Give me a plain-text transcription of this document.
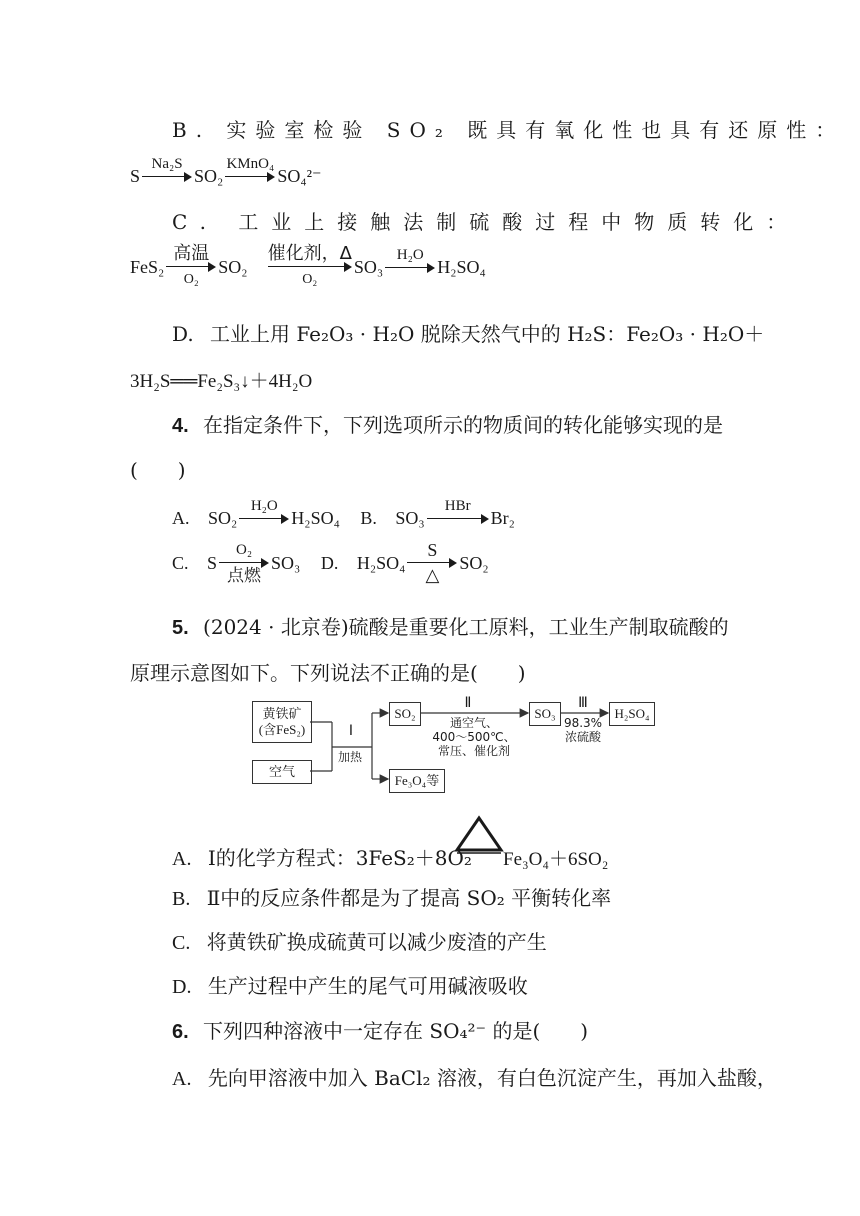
B. 实验室检验 SO₂ 既具有氧化性也具有还原性：
S
Na₂S
SO₂
KMnO₄
SO₄²⁻
C. 工业上接触法制硫酸过程中物质转化：
FeS₂
高温
O₂
SO₂
催化剂，Δ
O₂
SO₃
H₂O
H₂SO₄
D. 工业上用 Fe₂O₃ · H₂O 脱除天然气中的 H₂S：Fe₂O₃ · H₂O＋
3H₂S══Fe₂S₃↓＋4H₂O
4. 在指定条件下，下列选项所示的物质间的转化能够实现的是
(　　)
A. SO₂
H₂O
H₂SO₄ B. SO₃
HBr
Br₂
C. S
O₂
点燃
SO₃ D. H₂SO₄
S
△
SO₂
5. (2024 · 北京卷)硫酸是重要化工原料，工业生产制取硫酸的
原理示意图如下。下列说法不正确的是(　　)
黄铁矿
(含FeS₂)
空气
Ⅰ
加热
SO₂
Fe₃O₄等
Ⅱ
通空气、
400～500℃、
常压、催化剂
SO₃
Ⅲ
98.3%
浓硫酸
H₂SO₄
A. Ⅰ的化学方程式：3FeS₂＋8O₂ Fe₃O₄＋6SO₂
B. Ⅱ中的反应条件都是为了提高 SO₂ 平衡转化率
C. 将黄铁矿换成硫黄可以减少废渣的产生
D. 生产过程中产生的尾气可用碱液吸收
6. 下列四种溶液中一定存在 SO₄²⁻ 的是(　　)
A. 先向甲溶液中加入 BaCl₂ 溶液，有白色沉淀产生，再加入盐酸，
